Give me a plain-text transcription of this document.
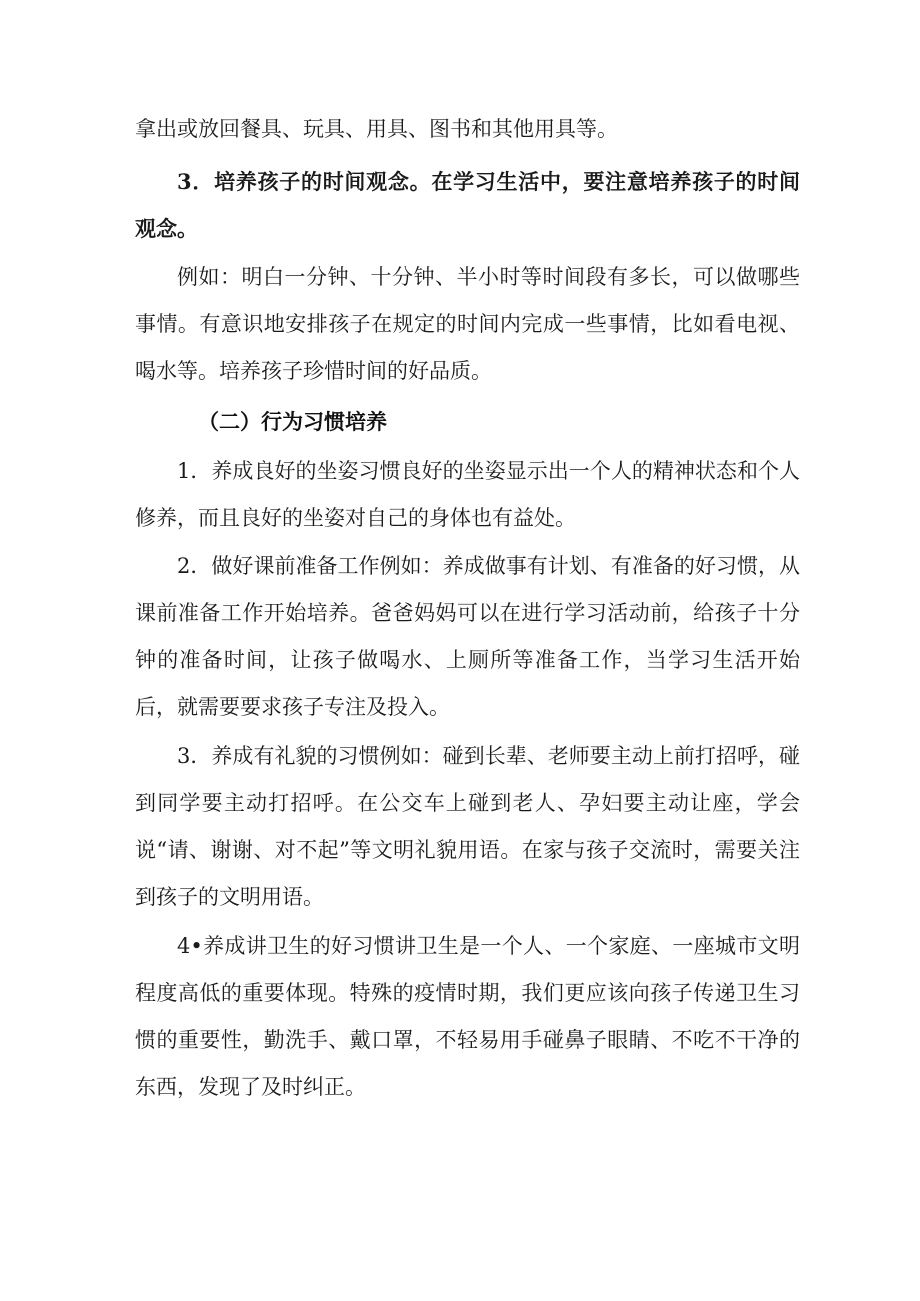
拿出或放回餐具、玩具、用具、图书和其他用具等。

3．培养孩子的时间观念。在学习生活中，要注意培养孩子的时间观念。

例如：明白一分钟、十分钟、半小时等时间段有多长，可以做哪些事情。有意识地安排孩子在规定的时间内完成一些事情，比如看电视、喝水等。培养孩子珍惜时间的好品质。

（二）行为习惯培养

1．养成良好的坐姿习惯良好的坐姿显示出一个人的精神状态和个人修养，而且良好的坐姿对自己的身体也有益处。

2．做好课前准备工作例如：养成做事有计划、有准备的好习惯，从课前准备工作开始培养。爸爸妈妈可以在进行学习活动前，给孩子十分钟的准备时间，让孩子做喝水、上厕所等准备工作，当学习生活开始后，就需要要求孩子专注及投入。

3．养成有礼貌的习惯例如：碰到长辈、老师要主动上前打招呼，碰到同学要主动打招呼。在公交车上碰到老人、孕妇要主动让座，学会说“请、谢谢、对不起”等文明礼貌用语。在家与孩子交流时，需要关注到孩子的文明用语。

4•养成讲卫生的好习惯讲卫生是一个人、一个家庭、一座城市文明程度高低的重要体现。特殊的疫情时期，我们更应该向孩子传递卫生习惯的重要性，勤洗手、戴口罩，不轻易用手碰鼻子眼睛、不吃不干净的东西，发现了及时纠正。
